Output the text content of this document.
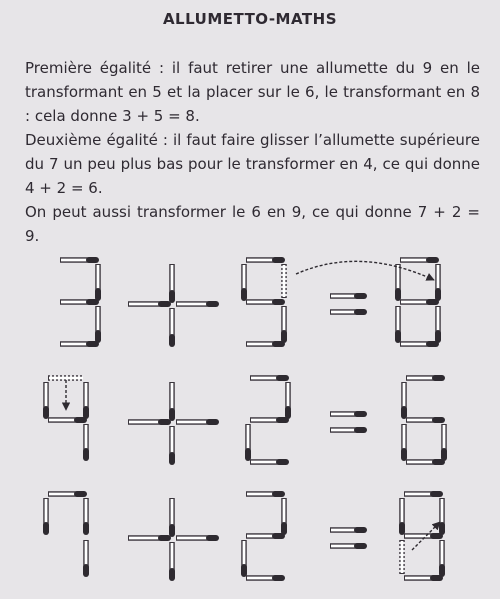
ALLUMETTO-MATHS
Première égalité : il faut retirer une allumette du 9 en le transformant en 5 et la placer sur le 6, le transformant en 8 : cela donne 3 + 5 = 8.
Deuxième égalité : il faut faire glisser l’allumette supérieure du 7 un peu plus bas pour le transformer en 4, ce qui donne 4 + 2 = 6.
On peut aussi transformer le 6 en 9, ce qui donne 7 + 2 = 9.
